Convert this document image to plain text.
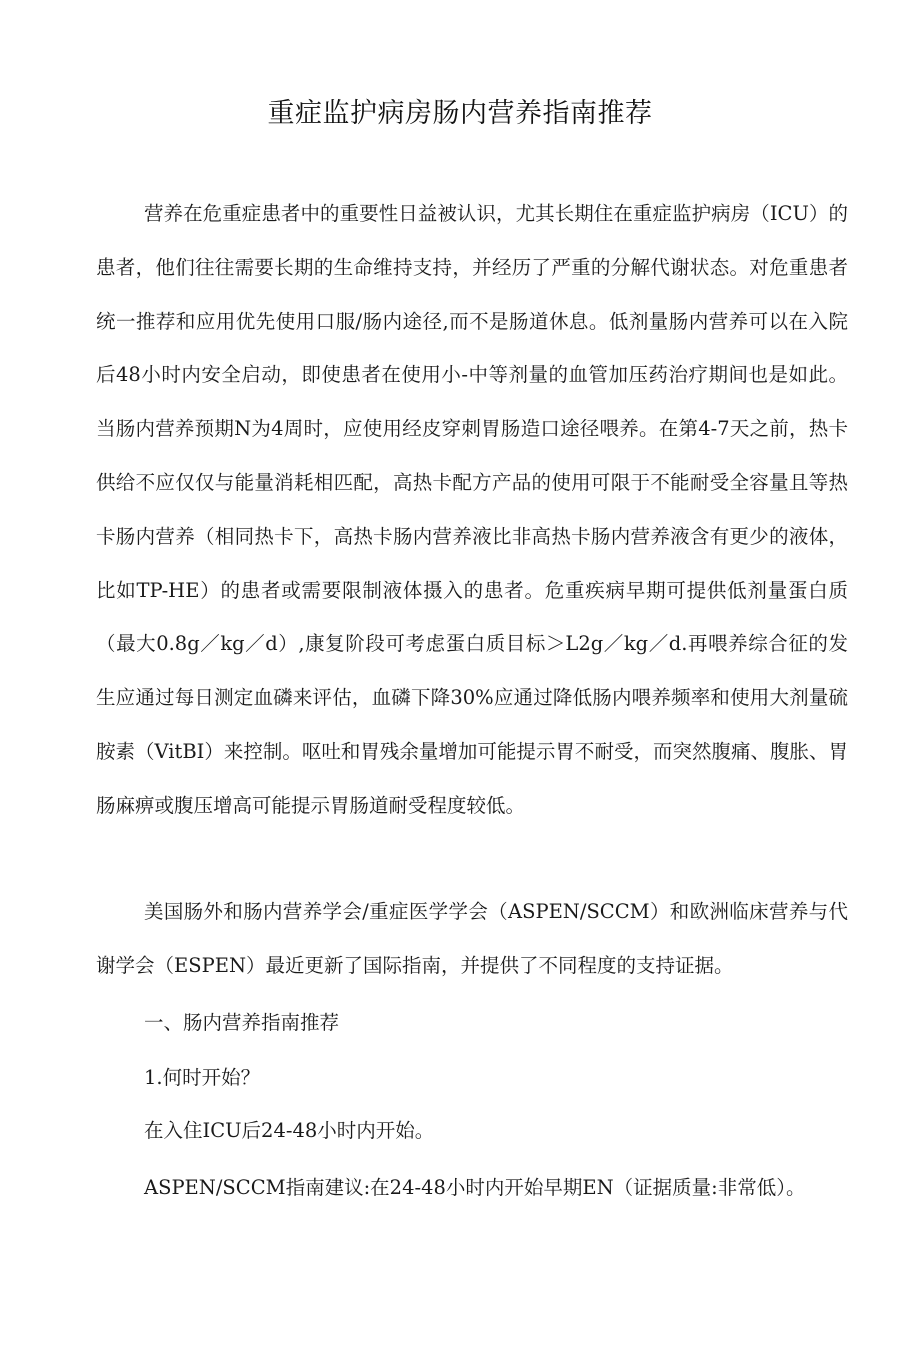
重症监护病房肠内营养指南推荐

营养在危重症患者中的重要性日益被认识，尤其长期住在重症监护病房（ICU）的患者，他们往往需要长期的生命维持支持，并经历了严重的分解代谢状态。对危重患者统一推荐和应用优先使用口服/肠内途径,而不是肠道休息。低剂量肠内营养可以在入院后48小时内安全启动，即使患者在使用小-中等剂量的血管加压药治疗期间也是如此。当肠内营养预期N为4周时，应使用经皮穿刺胃肠造口途径喂养。在第4-7天之前，热卡供给不应仅仅与能量消耗相匹配，高热卡配方产品的使用可限于不能耐受全容量且等热卡肠内营养（相同热卡下，高热卡肠内营养液比非高热卡肠内营养液含有更少的液体，比如TP-HE）的患者或需要限制液体摄入的患者。危重疾病早期可提供低剂量蛋白质（最大0.8g／kg／d）,康复阶段可考虑蛋白质目标＞L2g／kg／d.再喂养综合征的发生应通过每日测定血磷来评估，血磷下降30%应通过降低肠内喂养频率和使用大剂量硫胺素（VitBI）来控制。呕吐和胃残余量增加可能提示胃不耐受，而突然腹痛、腹胀、胃肠麻痹或腹压增高可能提示胃肠道耐受程度较低。

美国肠外和肠内营养学会/重症医学学会（ASPEN/SCCM）和欧洲临床营养与代谢学会（ESPEN）最近更新了国际指南，并提供了不同程度的支持证据。

一、肠内营养指南推荐

1.何时开始？

在入住ICU后24-48小时内开始。

ASPEN/SCCM指南建议:在24-48小时内开始早期EN（证据质量:非常低）。
